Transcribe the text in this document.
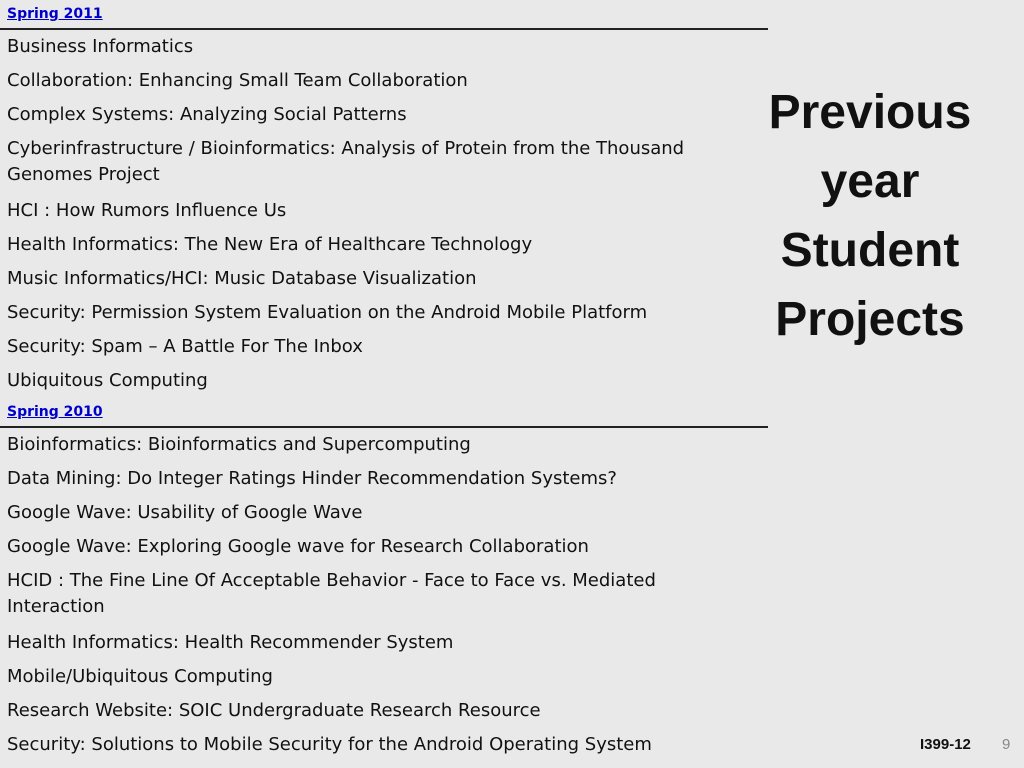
Spring 2011
Business Informatics
Collaboration: Enhancing Small Team Collaboration
Complex Systems: Analyzing Social Patterns
Cyberinfrastructure / Bioinformatics: Analysis of Protein from the Thousand Genomes Project
HCI : How Rumors Influence Us
Health Informatics: The New Era of Healthcare Technology
Music Informatics/HCI: Music Database Visualization
Security: Permission System Evaluation on the Android Mobile Platform
Security: Spam – A Battle For The Inbox
Ubiquitous Computing
Spring 2010
Bioinformatics: Bioinformatics and Supercomputing
Data Mining: Do Integer Ratings Hinder Recommendation Systems?
Google Wave: Usability of Google Wave
Google Wave: Exploring Google wave for Research Collaboration
HCID : The Fine Line Of Acceptable Behavior - Face to Face vs. Mediated Interaction
Health Informatics: Health Recommender System
Mobile/Ubiquitous Computing
Research Website: SOIC Undergraduate Research Resource
Security: Solutions to Mobile Security for the Android Operating System
Previous year Student Projects
I399-12 9
